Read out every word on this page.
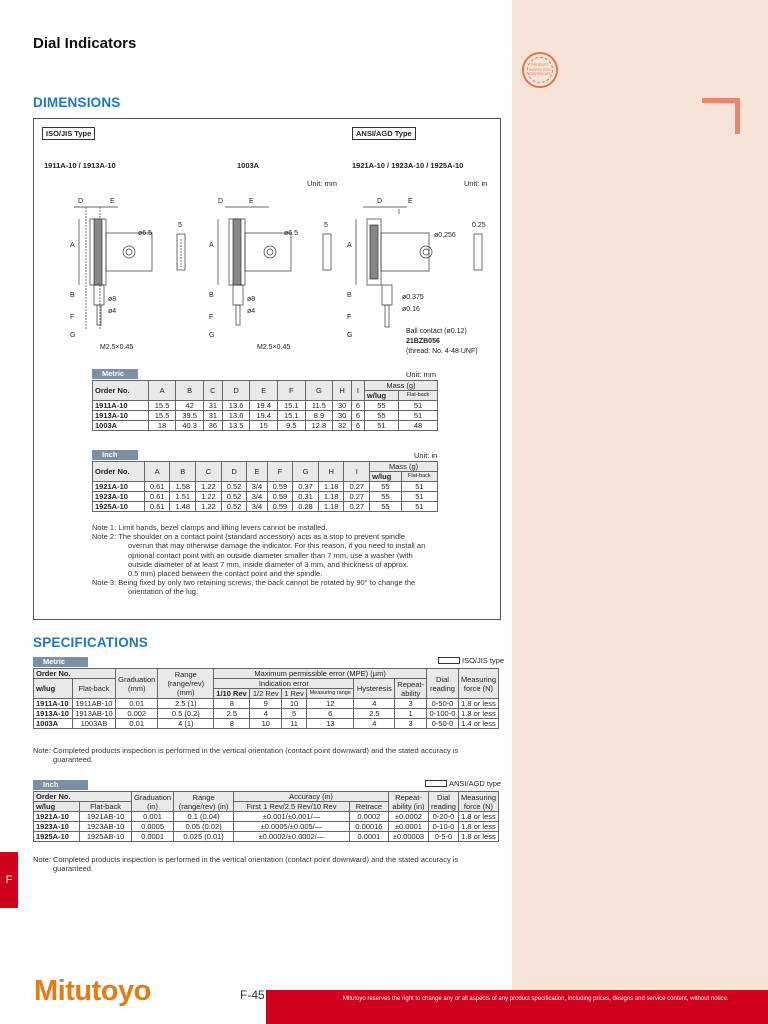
PRODUCT
INSPECTION
CERTIFICATE
F
Dial Indicators
DIMENSIONS
ISO/JIS Type	ANSI/AGD Type
1911A-10 / 1913A-10	1003A	1921A-10 / 1923A-10 / 1925A-10
Unit: mm	Unit: in
D	E
A
B
F
G
ø6.5
ø8
ø4
M2.5×0.45
5
D	E
A
B
F
G
ø6.5
ø8
ø4
M2.5×0.45
5
D	E
I
A
B
F
G
ø0.256
0.25
ø0.375
ø0.16
Ball contact (ø0.12)
21BZB056
(thread: No. 4-48 UNF)
Metric	Unit: mm
Order No.	A	B	C	D	E	F	G	H	I	Mass (g)	
										w/lug	Flat-back
1911A-10	15.5	42	31	13.6	19.4	15.1	11.5	30	6	55	51
1913A-10	15.5	39.5	31	13.6	19.4	15.1	8.9	30	6	55	51
1003A	18	40.3	36	13.5	15	9.5	12.8	32	6	51	48
Inch	Unit: in
Order No.	A	B	C	D	E	F	G	H	I	Mass (g)	
										w/lug	Flat-back
1921A-10	0.61	1.58	1.22	0.52	3/4	0.59	0.37	1.18	0.27	55	51
1923A-10	0.61	1.51	1.22	0.52	3/4	0.59	0.31	1.18	0.27	55	51
1925A-10	0.61	1.48	1.22	0.52	3/4	0.59	0.28	1.18	0.27	55	51
Note 1: Limit hands, bezel clamps and lifting levers cannot be installed.
Note 2: The shoulder on a contact point (standard accessory) acts as a stop to prevent spindle
overrun that may otherwise damage the indicator. For this reason, if you need to install an
optional contact point with an outside diameter smaller than 7 mm, use a washer (with
outside diameter of at least 7 mm, inside diameter of 3 mm, and thickness of approx.
0.5 mm) placed between the contact point and the spindle.
Note 3: Being fixed by only two retaining screws, the back cannot be rotated by 90° to change the
orientation of the lug.
SPECIFICATIONS
Metric	ISO/JIS type
Order No.		Graduation (mm)	Range (range/rev) (mm)	Maximum permissible error (MPE) (µm)						Dial reading	Measuring force (N)
w/lug	Flat-back			Indication error				Hysteresis	Repeat-ability		
				1/10 Rev	1/2 Rev	1 Rev	Measuring range				
1911A-10	1911AB-10	0.01	2.5 (1)	8	9	10	12	4	3	0-50-0	1.8 or less
1913A-10	1913AB-10	0.002	0.5 (0.2)	2.5	4	5	6	2.5	1	0-100-0	1.8 or less
1003A	1003AB	0.01	4 (1)	8	10	11	13	4	3	0-50-0	1.4 or less
Note: Completed products inspection is performed in the vertical orientation (contact point downward) and the stated accuracy is
guaranteed.
Inch	ANSI/AGD type
Order No.		Graduation (in)	Range (range/rev) (in)	Accuracy (in)		Repeat-ability (in)	Dial reading	Measuring force (N)
w/lug	Flat-back			First 1 Rev/2.5 Rev/10 Rev	Retrace			
1921A-10	1921AB-10	0.001	0.1 (0.04)	±0.001/±0.001/—	0.0002	±0.0002	0-20-0	1.8 or less
1923A-10	1923AB-10	0.0005	0.05 (0.02)	±0.0005/±0.005/—	0.00016	±0.0001	0-10-0	1.8 or less
1925A-10	1925AB-10	0.0001	0.025 (0.01)	±0.0002/±0.0002/—	0.0001	±0.00003	0-5-0	1.8 or less
Note: Completed products inspection is performed in the vertical orientation (contact point downward) and the stated accuracy is
guaranteed.
Mitutoyo	F-45	Mitutoyo reserves the right to change any or all aspects of any product specification, including prices, designs and service content, without notice.
